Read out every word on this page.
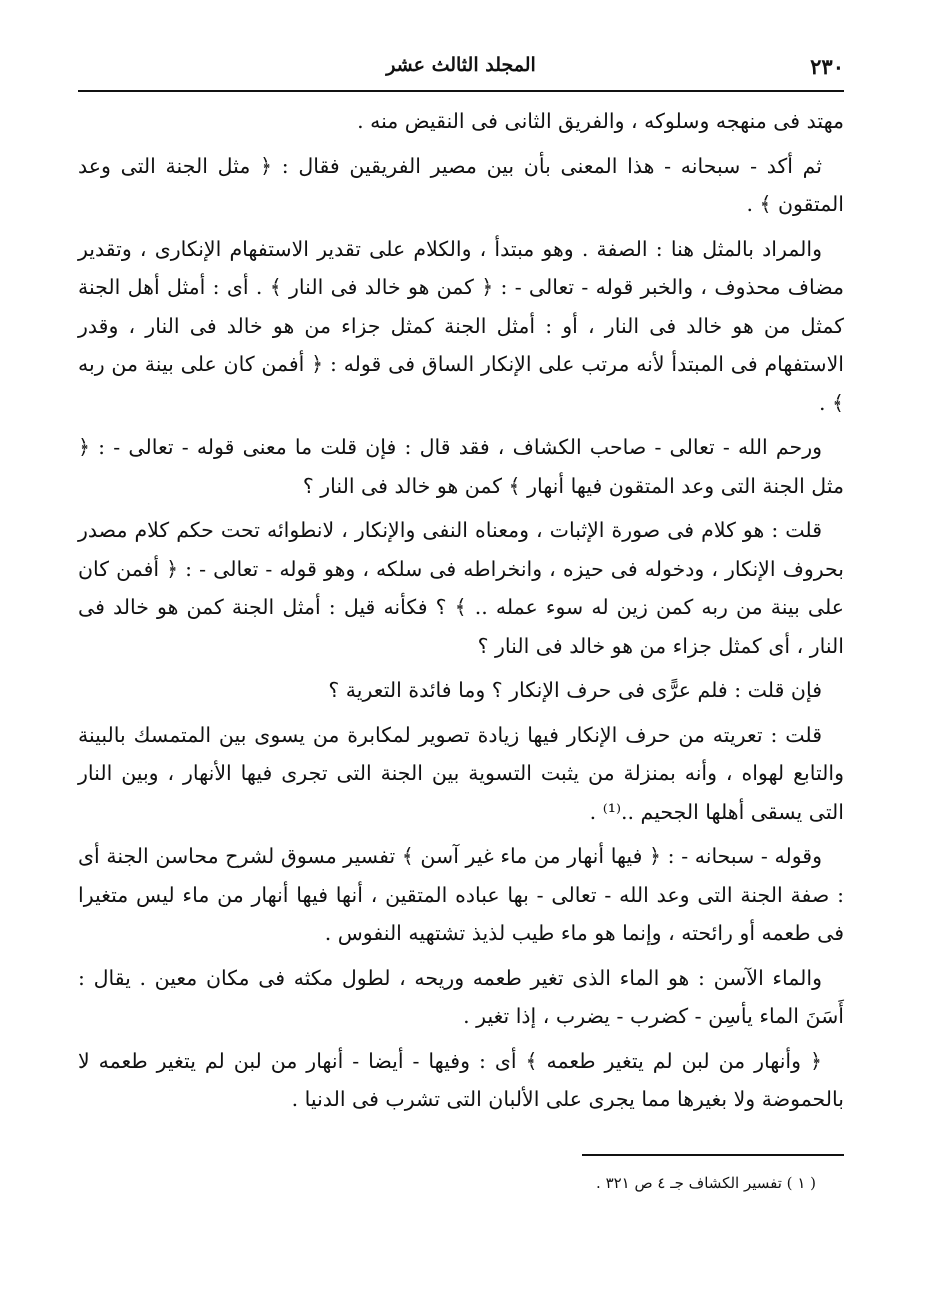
٢٣٠
المجلد الثالث عشر

مهتد فى منهجه وسلوكه ، والفريق الثانى فى النقيض منه .

ثم أكد - سبحانه - هذا المعنى بأن بين مصير الفريقين فقال : ﴿ مثل الجنة التى وعد المتقون ﴾ .

والمراد بالمثل هنا : الصفة . وهو مبتدأ ، والكلام على تقدير الاستفهام الإنكارى ، وتقدير مضاف محذوف ، والخبر قوله - تعالى - : ﴿ كمن هو خالد فى النار ﴾ . أى : أمثل أهل الجنة كمثل من هو خالد فى النار ، أو : أمثل الجنة كمثل جزاء من هو خالد فى النار ، وقدر الاستفهام فى المبتدأ لأنه مرتب على الإنكار الساق فى قوله : ﴿ أفمن كان على بينة من ربه ﴾ .

ورحم الله - تعالى - صاحب الكشاف ، فقد قال : فإن قلت ما معنى قوله - تعالى - : ﴿ مثل الجنة التى وعد المتقون فيها أنهار ﴾ كمن هو خالد فى النار ؟

قلت : هو كلام فى صورة الإثبات ، ومعناه النفى والإنكار ، لانطوائه تحت حكم كلام مصدر بحروف الإنكار ، ودخوله فى حيزه ، وانخراطه فى سلكه ، وهو قوله - تعالى - : ﴿ أفمن كان على بينة من ربه كمن زين له سوء عمله .. ﴾ ؟ فكأنه قيل : أمثل الجنة كمن هو خالد فى النار ، أى كمثل جزاء من هو خالد فى النار ؟

فإن قلت : فلم عرًّى فى حرف الإنكار ؟ وما فائدة التعرية ؟

قلت : تعريته من حرف الإنكار فيها زيادة تصوير لمكابرة من يسوى بين المتمسك بالبينة والتابع لهواه ، وأنه بمنزلة من يثبت التسوية بين الجنة التى تجرى فيها الأنهار ، وبين النار التى يسقى أهلها الجحيم ..⁽¹⁾ .

وقوله - سبحانه - : ﴿ فيها أنهار من ماء غير آسن ﴾ تفسير مسوق لشرح محاسن الجنة أى : صفة الجنة التى وعد الله - تعالى - بها عباده المتقين ، أنها فيها أنهار من ماء ليس متغيرا فى طعمه أو رائحته ، وإنما هو ماء طيب لذيذ تشتهيه النفوس .

والماء الآسن : هو الماء الذى تغير طعمه وريحه ، لطول مكثه فى مكان معين . يقال : أَسَنَ الماء يأسِن - كضرب - يضرب ، إذا تغير .

﴿ وأنهار من لبن لم يتغير طعمه ﴾ أى : وفيها - أيضا - أنهار من لبن لم يتغير طعمه لا بالحموضة ولا بغيرها مما يجرى على الألبان التى تشرب فى الدنيا .

( ١ ) تفسير الكشاف جـ ٤ ص ٣٢١ .
